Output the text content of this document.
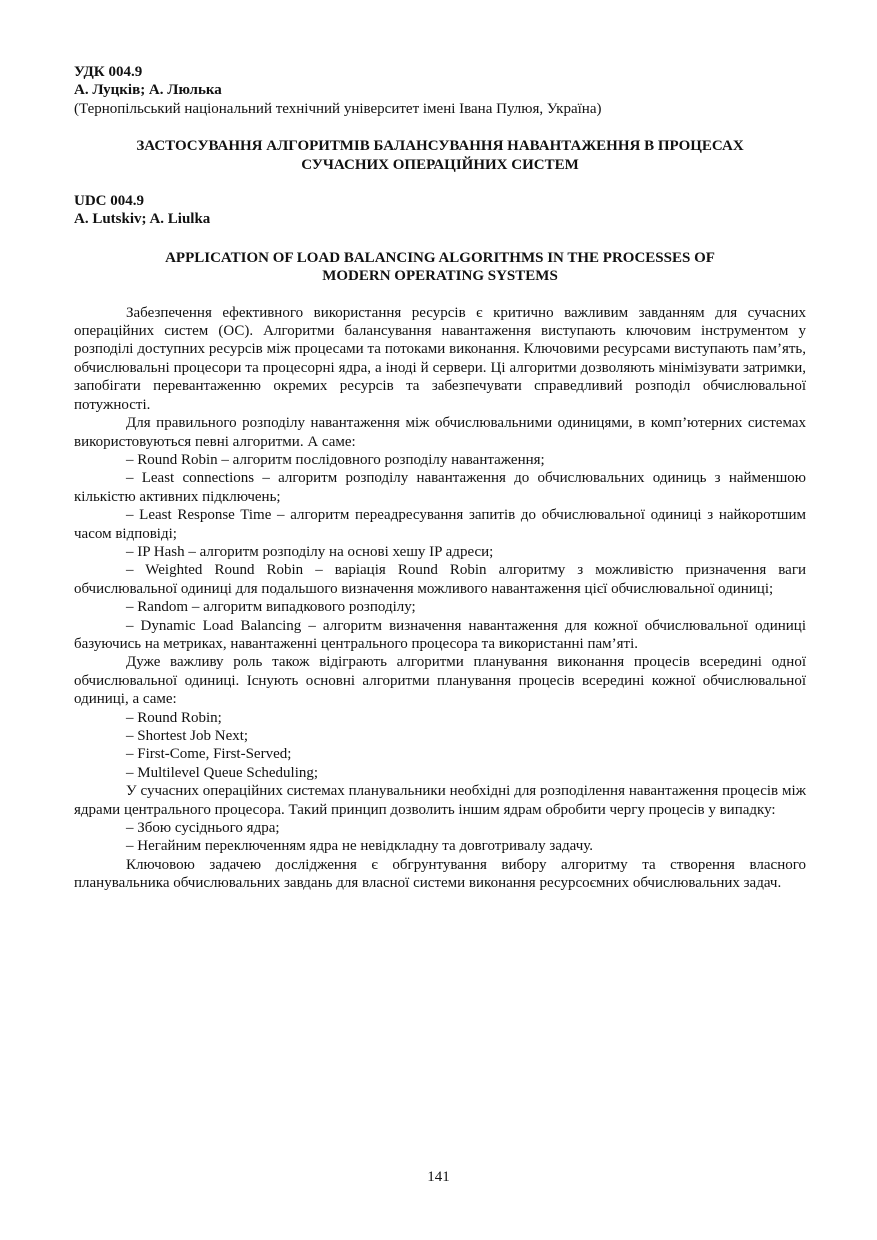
УДК 004.9

А. Луцків; А. Люлька

(Тернопільський національний технічний університет імені Івана Пулюя, Україна)

ЗАСТОСУВАННЯ АЛГОРИТМІВ БАЛАНСУВАННЯ НАВАНТАЖЕННЯ В ПРОЦЕСАХ
СУЧАСНИХ ОПЕРАЦІЙНИХ СИСТЕМ

UDC 004.9

A. Lutskiv; A. Liulka

APPLICATION OF LOAD BALANCING ALGORITHMS IN THE PROCESSES OF
MODERN OPERATING SYSTEMS

Забезпечення ефективного використання ресурсів є критично важливим завданням для сучасних операційних систем (ОС). Алгоритми балансування навантаження виступають ключовим інструментом у розподілі доступних ресурсів між процесами та потоками виконання. Ключовими ресурсами виступають пам’ять, обчислювальні процесори та процесорні ядра, а іноді й сервери. Ці алгоритми дозволяють мінімізувати затримки, запобігати перевантаженню окремих ресурсів та забезпечувати справедливий розподіл обчислювальної потужності.

Для правильного розподілу навантаження між обчислювальними одиницями, в комп’ютерних системах використовуються певні алгоритми. А саме:

– Round Robin – алгоритм послідовного розподілу навантаження;

– Least connections – алгоритм розподілу навантаження до обчислювальних одиниць з найменшою кількістю активних підключень;

– Least Response Time – алгоритм переадресування запитів до обчислювальної одиниці з найкоротшим часом відповіді;

– IP Hash – алгоритм розподілу на основі хешу IP адреси;

– Weighted Round Robin – варіація Round Robin алгоритму з можливістю призначення ваги обчислювальної одиниці для подальшого визначення можливого навантаження цієї обчислювальної одиниці;

– Random – алгоритм випадкового розподілу;

– Dynamic Load Balancing – алгоритм визначення навантаження для кожної обчислювальної одиниці базуючись на метриках, навантаженні центрального процесора та використанні пам’яті.

Дуже важливу роль також відіграють алгоритми планування виконання процесів всередині одної обчислювальної одиниці. Існують основні алгоритми планування процесів всередині кожної обчислювальної одиниці, а саме:

– Round Robin;

– Shortest Job Next;

– First-Come, First-Served;

– Multilevel Queue Scheduling;

У сучасних операційних системах планувальники необхідні для розподілення навантаження процесів між ядрами центрального процесора. Такий принцип дозволить іншим ядрам обробити чергу процесів у випадку:

– Збою сусіднього ядра;

– Негайним переключенням ядра не невідкладну та довготривалу задачу.

Ключовою задачею дослідження є обгрунтування вибору алгоритму та створення власного планувальника обчислювальних завдань для власної системи виконання ресурсоємних обчислювальних задач.

141
